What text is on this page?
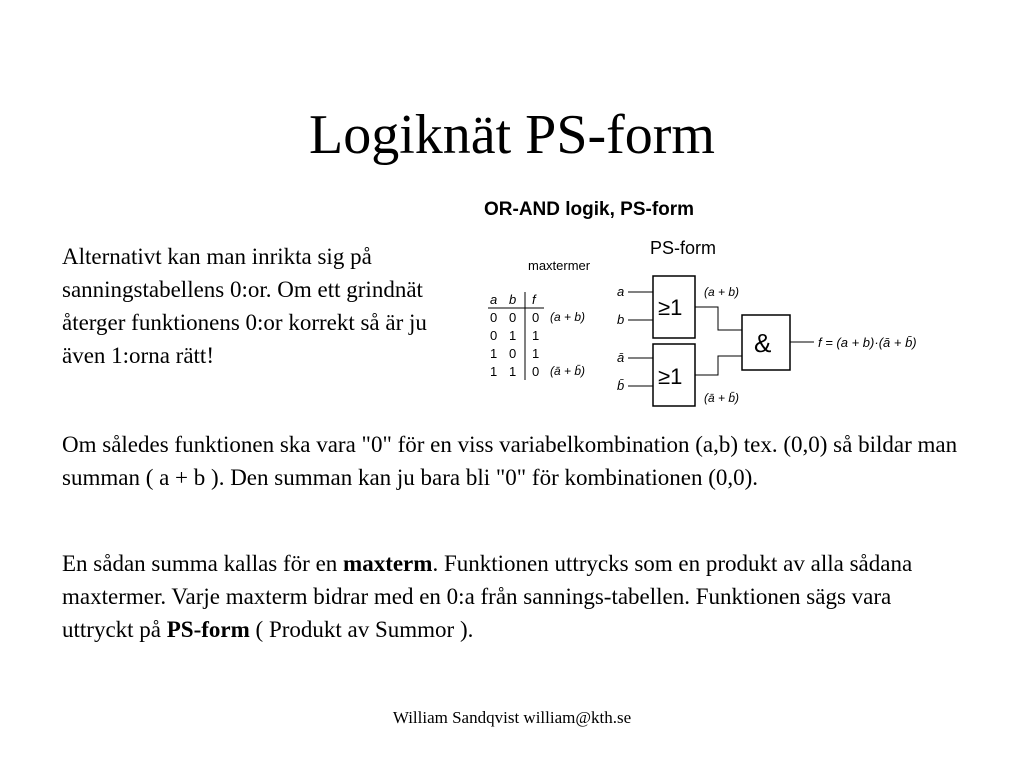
Logiknät PS-form

Alternativt kan man inrikta sig på sanningstabellens 0:or. Om ett grindnät återger funktionens 0:or korrekt så är ju även 1:orna rätt!

OR-AND logik, PS-form
PS-form
maxtermer
a b f
0 0 0
0 1 1
1 0 1
1 1 0
(a + b)
(ā + b̄)
a
b ≥1
(a + b)
ā
b̄ ≥1
(ā + b̄)
&	f = (a + b)·(ā + b̄)

Om således funktionen ska vara "0" för en viss variabelkombination (a,b) tex. (0,0) så bildar man summan ( a + b ). Den summan kan ju bara bli "0" för kombinationen (0,0).

En sådan summa kallas för en maxterm. Funktionen uttrycks som en produkt av alla sådana maxtermer. Varje maxterm bidrar med en 0:a från sannings-tabellen. Funktionen sägs vara uttryckt på PS-form ( Produkt av Summor ).

William Sandqvist william@kth.se
